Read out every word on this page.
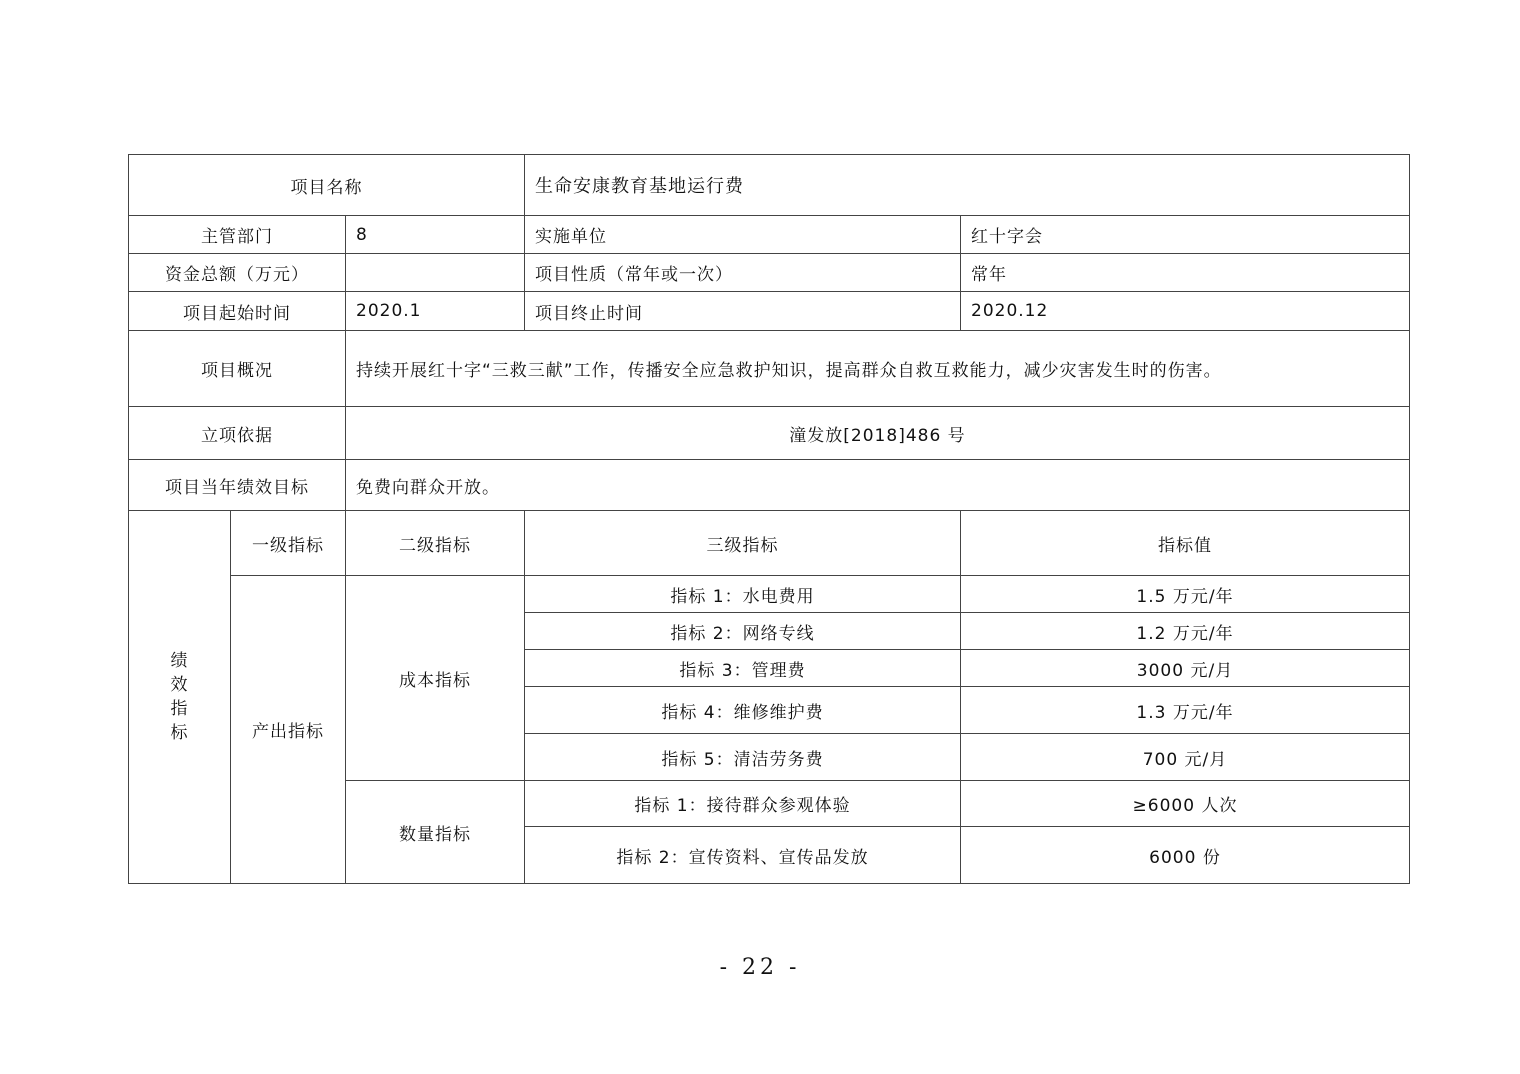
项目名称			生命安康教育基地运行费	
主管部门		8	实施单位	红十字会
资金总额（万元）			项目性质（常年或一次）	常年
项目起始时间		2020.1	项目终止时间	2020.12
项目概况		持续开展红十字“三救三献”工作，传播安全应急救护知识，提高群众自救互救能力，减少灾害发生时的伤害。		
立项依据		潼发放[2018]486 号		
项目当年绩效目标		免费向群众开放。		

绩
效
指
标	一级指标	二级指标	三级指标	指标值
	产出指标	成本指标	指标 1：水电费用	1.5 万元/年
			指标 2：网络专线	1.2 万元/年
			指标 3：管理费	3000 元/月
			指标 4：维修维护费	1.3 万元/年
			指标 5：清洁劳务费	700 元/月
		数量指标	指标 1：接待群众参观体验	≥6000 人次
			指标 2：宣传资料、宣传品发放	6000 份
- 22 -
